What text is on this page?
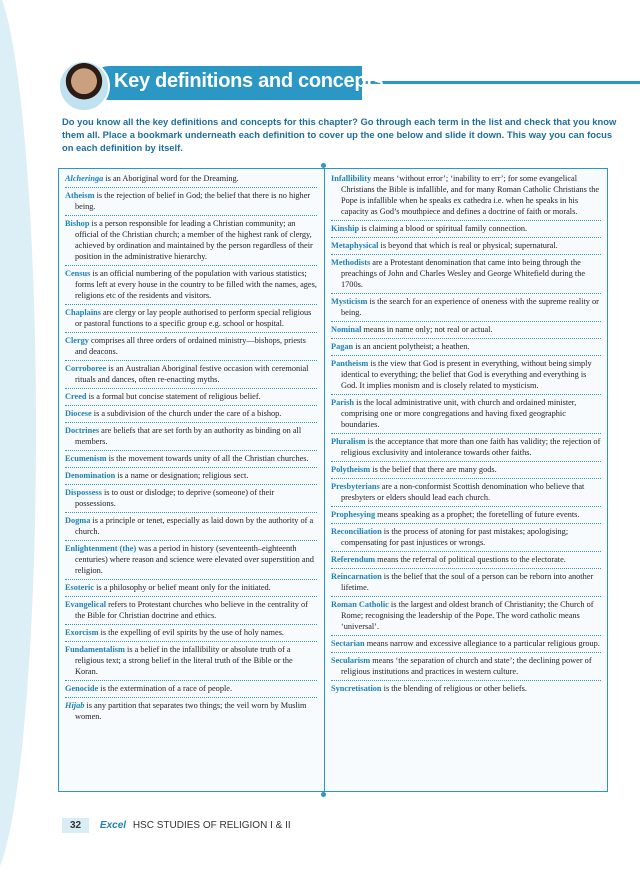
Key definitions and concepts
Do you know all the key definitions and concepts for this chapter? Go through each term in the list and check that you know them all. Place a bookmark underneath each definition to cover up the one below and slide it down. This way you can focus on each definition by itself.
Alcheringa is an Aboriginal word for the Dreaming.
Atheism is the rejection of belief in God; the belief that there is no higher being.
Bishop is a person responsible for leading a Christian community; an official of the Christian church; a member of the highest rank of clergy, achieved by ordination and maintained by the person regardless of their position in the administrative hierarchy.
Census is an official numbering of the population with various statistics; forms left at every house in the country to be filled with the names, ages, religions etc of the residents and visitors.
Chaplains are clergy or lay people authorised to perform special religious or pastoral functions to a specific group e.g. school or hospital.
Clergy comprises all three orders of ordained ministry—bishops, priests and deacons.
Corroboree is an Australian Aboriginal festive occasion with ceremonial rituals and dances, often re-enacting myths.
Creed is a formal but concise statement of religious belief.
Diocese is a subdivision of the church under the care of a bishop.
Doctrines are beliefs that are set forth by an authority as binding on all members.
Ecumenism is the movement towards unity of all the Christian churches.
Denomination is a name or designation; religious sect.
Dispossess is to oust or dislodge; to deprive (someone) of their possessions.
Dogma is a principle or tenet, especially as laid down by the authority of a church.
Enlightenment (the) was a period in history (seventeenth–eighteenth centuries) where reason and science were elevated over superstition and religion.
Esoteric is a philosophy or belief meant only for the initiated.
Evangelical refers to Protestant churches who believe in the centrality of the Bible for Christian doctrine and ethics.
Exorcism is the expelling of evil spirits by the use of holy names.
Fundamentalism is a belief in the infallibility or absolute truth of a religious text; a strong belief in the literal truth of the Bible or the Koran.
Genocide is the extermination of a race of people.
Hijab is any partition that separates two things; the veil worn by Muslim women.
Infallibility means ‘without error’; ‘inability to err’; for some evangelical Christians the Bible is infallible, and for many Roman Catholic Christians the Pope is infallible when he speaks ex cathedra i.e. when he speaks in his capacity as God’s mouthpiece and defines a doctrine of faith or morals.
Kinship is claiming a blood or spiritual family connection.
Metaphysical is beyond that which is real or physical; supernatural.
Methodists are a Protestant denomination that came into being through the preachings of John and Charles Wesley and George Whitefield during the 1700s.
Mysticism is the search for an experience of oneness with the supreme reality or being.
Nominal means in name only; not real or actual.
Pagan is an ancient polytheist; a heathen.
Pantheism is the view that God is present in everything, without being simply identical to everything; the belief that God is everything and everything is God. It implies monism and is closely related to mysticism.
Parish is the local administrative unit, with church and ordained minister, comprising one or more congregations and having fixed geographic boundaries.
Pluralism is the acceptance that more than one faith has validity; the rejection of religious exclusivity and intolerance towards other faiths.
Polytheism is the belief that there are many gods.
Presbyterians are a non-conformist Scottish denomination who believe that presbyters or elders should lead each church.
Prophesying means speaking as a prophet; the foretelling of future events.
Reconciliation is the process of atoning for past mistakes; apologising; compensating for past injustices or wrongs.
Referendum means the referral of political questions to the electorate.
Reincarnation is the belief that the soul of a person can be reborn into another lifetime.
Roman Catholic is the largest and oldest branch of Christianity; the Church of Rome; recognising the leadership of the Pope. The word catholic means ‘universal’.
Sectarian means narrow and excessive allegiance to a particular religious group.
Secularism means ‘the separation of church and state’; the declining power of religious institutions and practices in western culture.
Syncretisation is the blending of religious or other beliefs.
32 Excel HSC STUDIES OF RELIGION I & II
